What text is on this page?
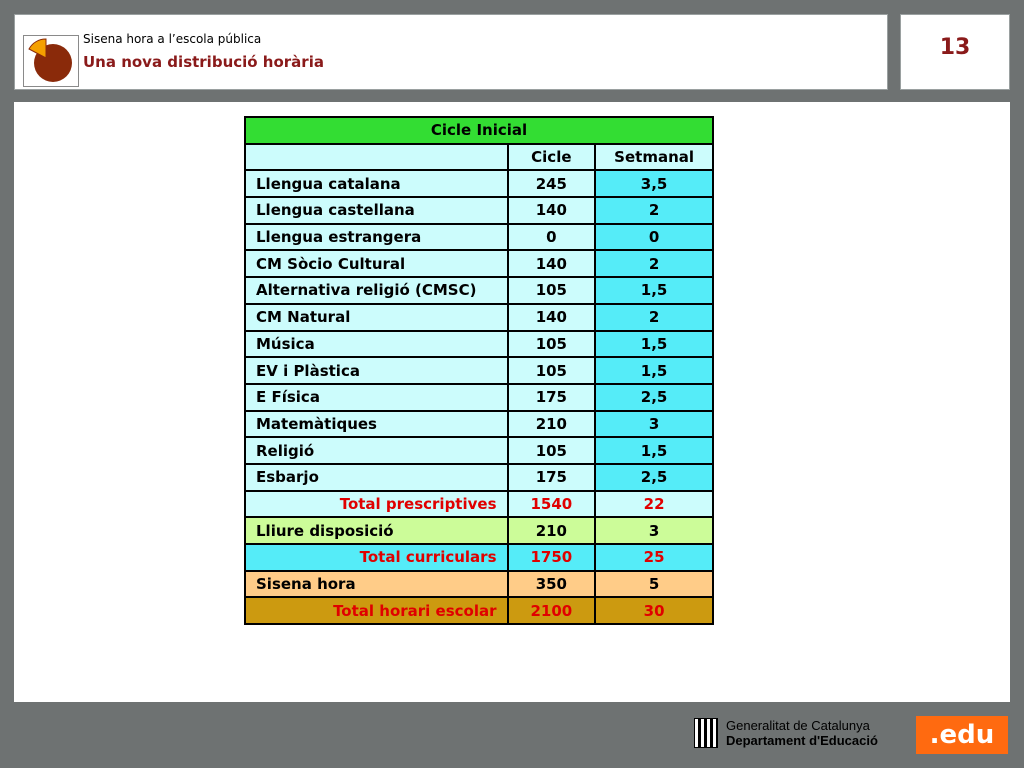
Sisena hora a l’escola pública
Una nova distribució horària
13
Cicle Inicial		
	Cicle	Setmanal
Llengua catalana	245	3,5
Llengua castellana	140	2
Llengua estrangera	0	0
CM Sòcio Cultural	140	2
Alternativa religió (CMSC)	105	1,5
CM Natural	140	2
Música	105	1,5
EV i Plàstica	105	1,5
E Física	175	2,5
Matemàtiques	210	3
Religió	105	1,5
Esbarjo	175	2,5
Total prescriptives	1540	22
Lliure disposició	210	3
Total curriculars	1750	25
Sisena hora	350	5
Total horari escolar	2100	30
Generalitat de Catalunya
Departament d'Educació	.edu
